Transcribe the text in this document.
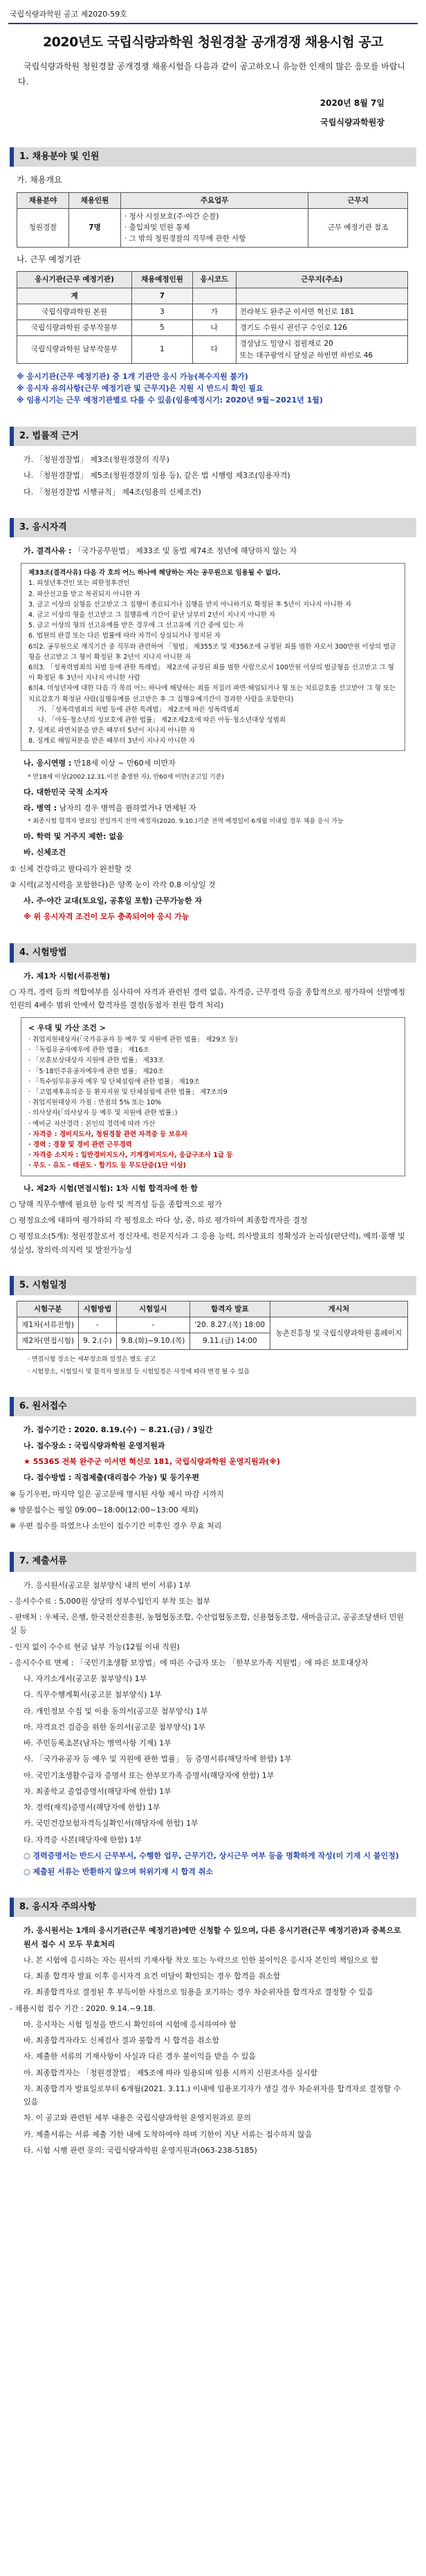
국립식량과학원 공고 제2020-59호
2020년도 국립식량과학원 청원경찰 공개경쟁 채용시험 공고
국립식량과학원 청원경찰 공개경쟁 채용시험을 다음과 같이 공고하오니 유능한 인재의 많은 응모를 바랍니다.
2020년 8월 7일
국립식량과학원장
1. 채용분야 및 인원
가. 채용개요
채용분야	채용인원	주요업무	근무지
청원경찰	7명	· 청사 시설보호(주·야간 순찰)
· 출입자및 민원 통제
· 그 밖의 청원경찰의 직무에 관한 사항	근무 예정기관 참조
나. 근무 예정기관
응시기관(근무 예정기관)	채용예정인원	응시코드	근무지(주소)
계	7		
국립식량과학원 본원	3	가	전라북도 완주군 이서면 혁신로 181
국립식량과학원 중부작물부	5	나	경기도 수원시 권선구 수인로 126
국립식량과학원 남부작물부	1	다	경상남도 밀양시 점필재로 20
또는 대구광역시 달성군 하빈면 하빈로 46
※ 응시기관(근무 예정기관) 중 1개 기관만 응시 가능(복수지원 불가)
※ 응시자 유의사항(근무 예정기관 및 근무지)은 지원 시 반드시 확인 필요
※ 임용시기는 근무 예정기관별로 다를 수 있음(임용예정시기: 2020년 9월~2021년 1월)
2. 법률적 근거
가. 「청원경찰법」 제3조(청원경찰의 직무)
나. 「청원경찰법」 제5조(청원경찰의 임용 등), 같은 법 시행령 제3조(임용자격)
다. 「청원경찰법 시행규칙」 제4조(임용의 신체조건)
3. 응시자격
가. 결격사유 : 「국가공무원법」 제33조 및 동법 제74조 정년에 해당하지 않는 자
제33조(결격사유) 다음 각 호의 어느 하나에 해당하는 자는 공무원으로 임용될 수 없다.
1. 피성년후견인 또는 피한정후견인
2. 파산선고를 받고 복권되지 아니한 자
3. 금고 이상의 실형을 선고받고 그 집행이 종료되거나 집행을 받지 아니하기로 확정된 후 5년이 지나지 아니한 자
4. 금고 이상의 형을 선고받고 그 집행유예 기간이 끝난 날부터 2년이 지나지 아니한 자
5. 금고 이상의 형의 선고유예를 받은 경우에 그 선고유예 기간 중에 있는 자
6. 법원의 판결 또는 다른 법률에 따라 자격이 상실되거나 정지된 자
6의2. 공무원으로 재직기간 중 직무와 관련하여 「형법」 제355조 및 제356조에 규정된 죄를 범한 자로서 300만원 이상의 벌금형을 선고받고 그 형이 확정된 후 2년이 지나지 아니한 자
6의3. 「성폭력범죄의 처벌 등에 관한 특례법」 제2조에 규정된 죄를 범한 사람으로서 100만원 이상의 벌금형을 선고받고 그 형이 확정된 후 3년이 지나지 아니한 사람
6의4. 미성년자에 대한 다음 각 목의 어느 하나에 해당하는 죄를 저질러 파면·해임되거나 형 또는 치료감호를 선고받아 그 형 또는 치료감호가 확정된 사람(집행유예를 선고받은 후 그 집행유예기간이 경과한 사람을 포함한다)
가. 「성폭력범죄의 처벌 등에 관한 특례법」 제2조에 따른 성폭력범죄
나. 「아동·청소년의 성보호에 관한 법률」 제2조제2호에 따른 아동·청소년대상 성범죄
7. 징계로 파면처분을 받은 때부터 5년이 지나지 아니한 자
8. 징계로 해임처분을 받은 때부터 3년이 지나지 아니한 자
나. 응시연령 : 만18세 이상 ~ 만60세 미만자
* 만18세 이상(2002.12.31.이전 출생한 자), 만60세 미만(공고일 기준)
다. 대한민국 국적 소지자
라. 병역 : 남자의 경우 병역을 필하였거나 면제된 자
* 최종시험 합격자 발표일 전일까지 전역 예정자(2020. 9.10.)기준 전역 예정일이 6개월 이내일 경우 채용 응시 가능
마. 학력 및 거주지 제한: 없음
바. 신체조건
① 신체 건강하고 팔다리가 완전할 것
② 시력(교정시력을 포함한다)은 양쪽 눈이 각각 0.8 이상일 것
사. 주·야간 교대(토요일, 공휴일 포함) 근무가능한 자
※ 위 응시자격 조건이 모두 충족되어야 응시 가능
4. 시험방법
가. 제1차 시험(서류전형)
○ 자격, 경력 등의 적합여부를 심사하여 자격과 관련된 경력 없음, 자격증, 근무경력 등을 종합적으로 평가하여 선발예정인원의 4배수 범위 안에서 합격자를 결정(동점자 전원 합격 처리)
< 우대 및 가산 조건 >
· 취업지원대상자(「국가유공자 등 예우 및 지원에 관한 법률」 제29조 등)
· 「독립유공자예우에 관한 법률」 제16조
· 「보훈보상대상자 지원에 관한 법률」 제33조
· 「5·18민주유공자예우에 관한 법률」 제20조
· 「특수임무유공자 예우 및 단체설립에 관한 법률」 제19조
· 「고엽제후유의증 등 환자지원 및 단체설립에 관한 법률」 제7조의9
· 취업지원대상자 가점 : 만점의 5% 또는 10%
· 의사상자(「의사상자 등 예우 및 지원에 관한 법률」)
· 예비군 자산경력 : 본인의 경력에 따라 가산
· 자격증 : 경비지도사, 청원경찰 관련 자격증 등 보유자
· 경력 : 경찰 및 경비 관련 근무경력
· 자격증 소지자 : 일반경비지도사, 기계경비지도사, 응급구조사 1급 등
· 무도 · 유도 · 태권도 · 합기도 등 무도단증(1단 이상)
나. 제2차 시험(면접시험): 1차 시험 합격자에 한 함
○ 당해 직무수행에 필요한 능력 및 적격성 등을 종합적으로 평가
○ 평정요소에 대하여 평가하되 각 평정요소 마다 상, 중, 하로 평가하여 최종합격자를 결정
○ 평정요소(5개): 청원경찰로서 정신자세, 전문지식과 그 응용 능력, 의사발표의 정확성과 논리성(판단력), 예의·품행 및 성실성, 창의력·의지력 및 발전가능성
5. 시험일정
시험구분	시험방법	시험일시	합격자 발표	게시처
제1차(서류전형)	-	-	'20. 8.27.(목) 18:00	농촌진흥청 및 국립식량과학원 홈페이지
제2차(면접시험)	9. 2.(수)	9.8.(화)~9.10.(목)	9.11.(금) 14:00	
· 면접시험 장소는 세부장소와 일정은 별도 공고
· 시험장소, 시험일시 및 합격자 발표일 등 시험일정은 사정에 따라 변경 될 수 있음
6. 원서접수
가. 접수기간 : 2020. 8.19.(수) ~ 8.21.(금) / 3일간
나. 접수장소 : 국립식량과학원 운영지원과
★ 55365 전북 완주군 이서면 혁신로 181, 국립식량과학원 운영지원과(※)
다. 접수방법 : 직접제출(대리접수 가능) 및 등기우편
※ 등기우편, 마지막 일은 공고문에 명시된 사항 제시 마감 시까지
※ 방문접수는 평일 09:00~18:00(12:00~13:00 제외)
※ 우편 접수를 하였으나 소인이 접수기간 이후인 경우 무효 처리
7. 제출서류
가. 응시원서(공고문 첨부양식 내의 번이 서류) 1부
- 응시수수료 : 5,000원 상당의 정부수입인지 부착 또는 첨부
- 판매처 : 우체국, 은행, 한국전산진흥원, 농협협동조합, 수산업협동조합, 신용협동조합, 새마을금고, 공공조달센터 민원실 등
- 인지 없이 수수료 현금 납부 가능(12월 이내 직원)
- 응시수수료 면제 : 「국민기초생활 보장법」에 따른 수급자 또는 「한부모가족 지원법」에 따른 보호대상자
나. 자기소개서(공고문 첨부양식) 1부
다. 직무수행계획서(공고문 첨부양식) 1부
라. 개인정보 수집 및 이용 동의서(공고문 첨부양식) 1부
마. 자격요건 검증을 위한 동의서(공고문 첨부양식) 1부
바. 주민등록초본(남자는 병역사항 기재) 1부
사. 「국가유공자 등 예우 및 지원에 관한 법률」 등 증명서류(해당자에 한함) 1부
아. 국민기초생활수급자 증명서 또는 한부모가족 증명서(해당자에 한함) 1부
자. 최종학교 졸업증명서(해당자에 한함) 1부
차. 경력(재직)증명서(해당자에 한함) 1부
카. 국민건강보험자격득실확인서(해당자에 한함) 1부
타. 자격증 사본(해당자에 한함) 1부
○ 경력증명서는 반드시 근무부서, 수행한 업무, 근무기간, 상시근무 여부 등을 명확하게 작성(미 기재 시 불인정)
○ 제출된 서류는 반환하지 않으며 허위기재 시 합격 취소
8. 응시자 주의사항
가. 응시원서는 1개의 응시기관(근무 예정기관)에만 신청할 수 있으며, 다른 응시기관(근무 예정기관)과 중복으로 원서 접수 시 모두 무효처리
나. 본 시험에 응시하는 자는 원서의 기재사항 착오 또는 누락으로 인한 불이익은 응시자 본인의 책임으로 함
다. 최종 합격자 발표 이후 응시자격 요건 미달이 확인되는 경우 합격을 취소함
라. 최종합격자로 결정된 후 부득이한 사정으로 임용을 포기하는 경우 차순위자를 합격자로 결정할 수 있음
- 채용시험 접수 기간 : 2020. 9.14.~9.18.
마. 응시자는 시험 일정을 반드시 확인하여 시험에 응시하여야 함
바. 최종합격자라도 신체검사 결과 불합격 시 합격을 취소함
사. 제출한 서류의 기재사항이 사실과 다른 경우 불이익을 받을 수 있음
아. 최종합격자는 「청원경찰법」 제5조에 따라 임용되며 임용 시까지 신원조사를 실시함
자. 최종합격자 발표일로부터 6개월(2021. 3.11.) 이내에 임용포기자가 생길 경우 차순위자를 합격자로 결정할 수 있음
차. 이 공고와 관련된 세부 내용은 국립식량과학원 운영지원과로 문의
카. 제출서류는 서류 제출 기한 내에 도착하여야 하며 기한이 지난 서류는 접수하지 않음
타. 시험 시행 관련 문의: 국립식량과학원 운영지원과(063-238-5185)
